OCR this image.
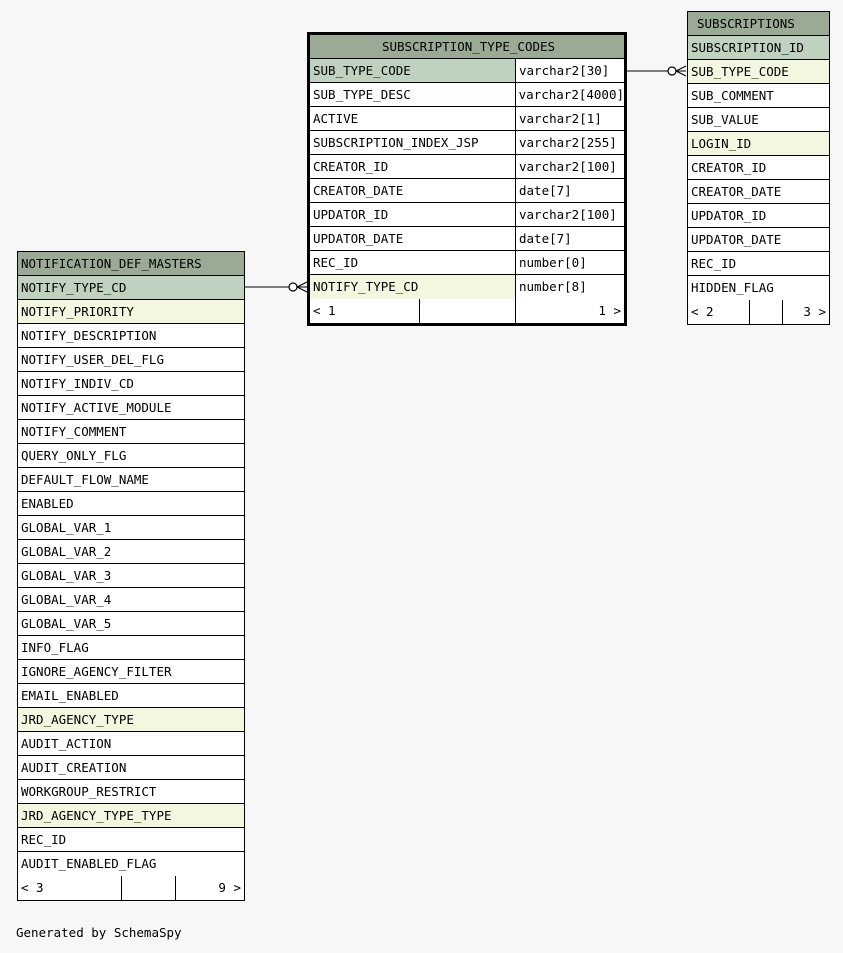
SUBSCRIPTION_TYPE_CODES
SUB_TYPE_CODE	varchar2[30]
SUB_TYPE_DESC	varchar2[4000]
ACTIVE	varchar2[1]
SUBSCRIPTION_INDEX_JSP	varchar2[255]
CREATOR_ID	varchar2[100]
CREATOR_DATE	date[7]
UPDATOR_ID	varchar2[100]
UPDATOR_DATE	date[7]
REC_ID	number[0]
NOTIFY_TYPE_CD	number[8]
< 1	1 >
SUBSCRIPTIONS
SUBSCRIPTION_ID
SUB_TYPE_CODE
SUB_COMMENT
SUB_VALUE
LOGIN_ID
CREATOR_ID
CREATOR_DATE
UPDATOR_ID
UPDATOR_DATE
REC_ID
HIDDEN_FLAG
< 2	3 >
NOTIFICATION_DEF_MASTERS
NOTIFY_TYPE_CD
NOTIFY_PRIORITY
NOTIFY_DESCRIPTION
NOTIFY_USER_DEL_FLG
NOTIFY_INDIV_CD
NOTIFY_ACTIVE_MODULE
NOTIFY_COMMENT
QUERY_ONLY_FLG
DEFAULT_FLOW_NAME
ENABLED
GLOBAL_VAR_1
GLOBAL_VAR_2
GLOBAL_VAR_3
GLOBAL_VAR_4
GLOBAL_VAR_5
INFO_FLAG
IGNORE_AGENCY_FILTER
EMAIL_ENABLED
JRD_AGENCY_TYPE
AUDIT_ACTION
AUDIT_CREATION
WORKGROUP_RESTRICT
JRD_AGENCY_TYPE_TYPE
REC_ID
AUDIT_ENABLED_FLAG
< 3	9 >
Generated by SchemaSpy
